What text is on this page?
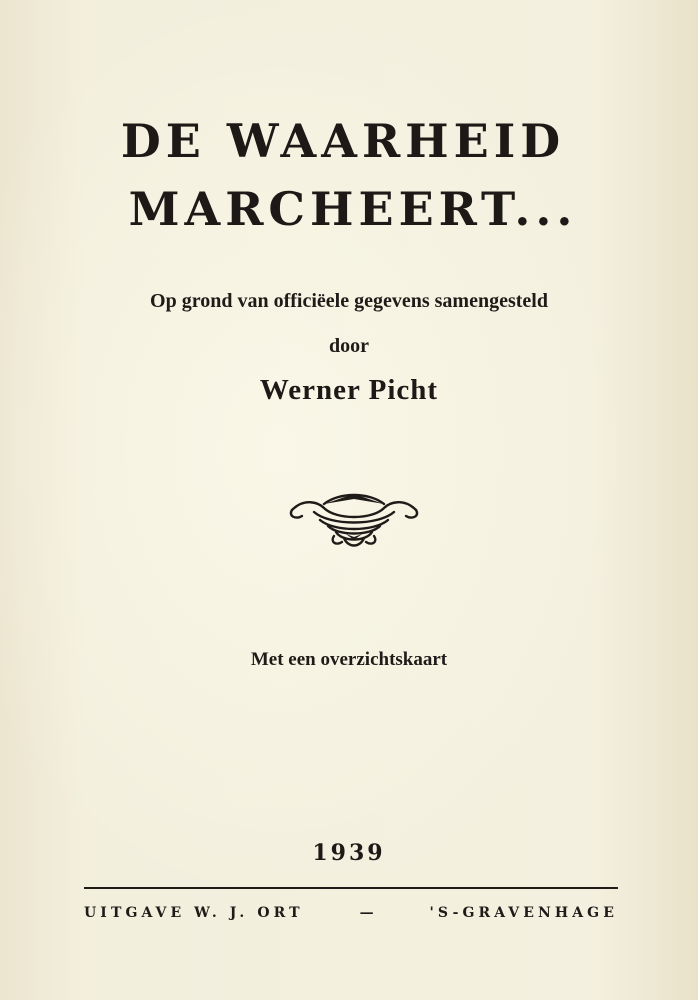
DE WAARHEID
MARCHEERT...
Op grond van officiëele gegevens samengesteld
door
Werner Picht
Met een overzichtskaart
1939
UITGAVE W. J. ORT	—	'S-GRAVENHAGE
